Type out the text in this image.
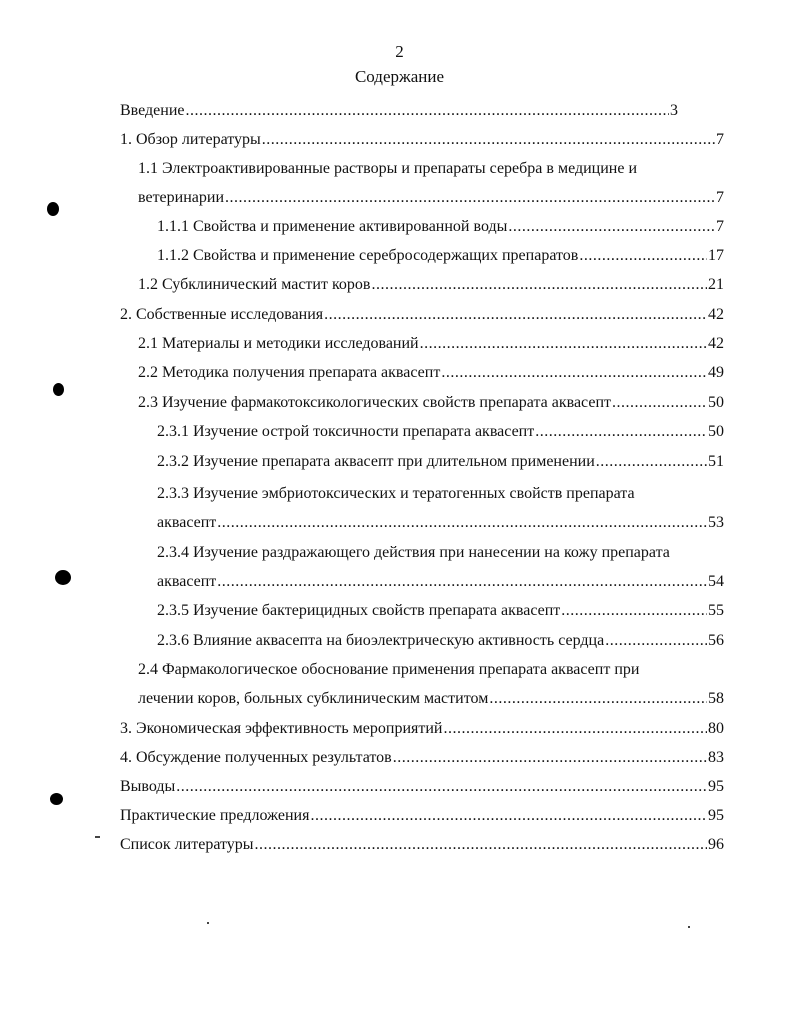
2
Содержание
Введение .....	3
1. Обзор литературы .....	7
1.1 Электроактивированные растворы и препараты серебра в медицине и
ветеринарии .....	7
1.1.1 Свойства и применение активированной воды .....	7
1.1.2 Свойства и применение серебросодержащих препаратов .....	17
1.2 Субклинический мастит коров .....	21
2. Собственные исследования .....	42
2.1 Материалы и методики исследований .....	42
2.2 Методика получения препарата аквасепт .....	49
2.3 Изучение фармакотоксикологических свойств препарата аквасепт .....	50
2.3.1 Изучение острой токсичности препарата аквасепт .....	50
2.3.2 Изучение препарата аквасепт при длительном применении .....	51
2.3.3 Изучение эмбриотоксических и тератогенных свойств препарата
аквасепт .....	53
2.3.4 Изучение раздражающего действия при нанесении на кожу препарата
аквасепт .....	54
2.3.5 Изучение бактерицидных свойств препарата аквасепт .....	55
2.3.6 Влияние аквасепта на биоэлектрическую активность сердца .....	56
2.4 Фармакологическое обоснование применения препарата аквасепт при
лечении коров, больных субклиническим маститом .....	58
3. Экономическая эффективность мероприятий .....	80
4. Обсуждение полученных результатов .....	83
Выводы .....	95
Практические предложения .....	95
Список литературы .....	96
